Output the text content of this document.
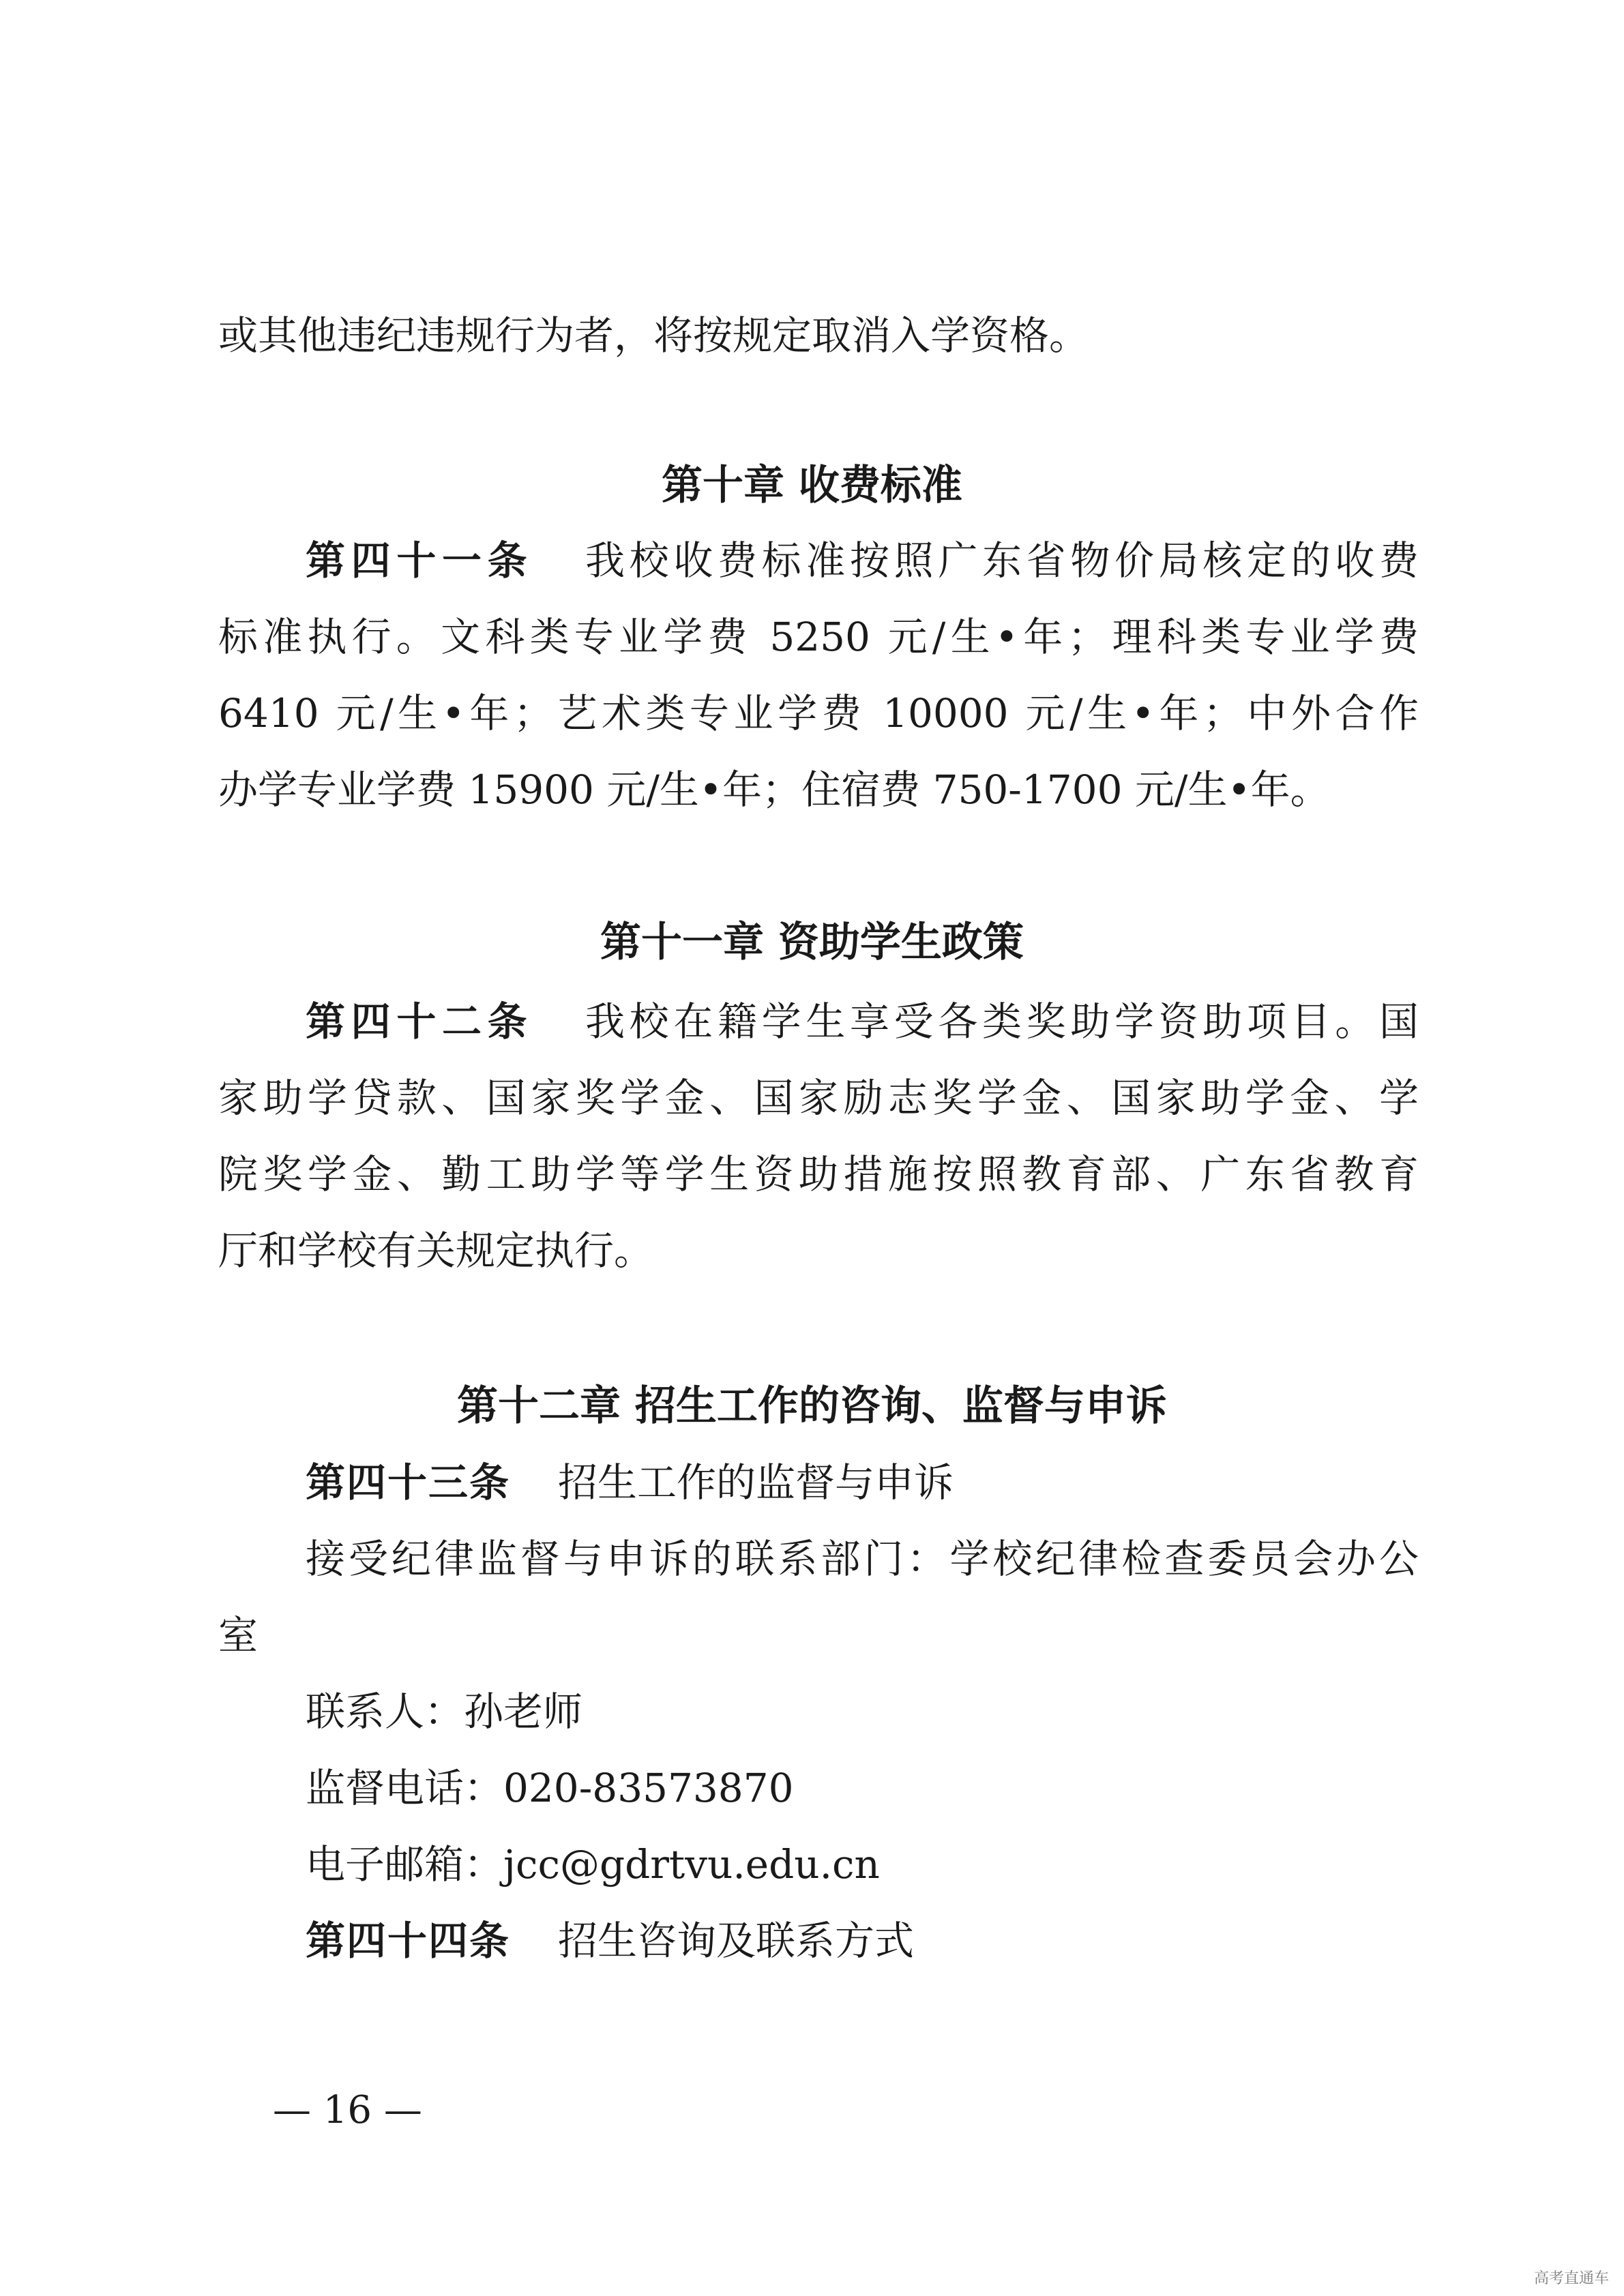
或其他违纪违规行为者，将按规定取消入学资格。
第十章 收费标准
第四十一条 我校收费标准按照广东省物价局核定的收费
标准执行。文科类专业学费 5250 元/生•年；理科类专业学费
6410 元/生•年；艺术类专业学费 10000 元/生•年；中外合作
办学专业学费 15900 元/生•年；住宿费 750-1700 元/生•年。
第十一章 资助学生政策
第四十二条 我校在籍学生享受各类奖助学资助项目。国
家助学贷款、国家奖学金、国家励志奖学金、国家助学金、学
院奖学金、勤工助学等学生资助措施按照教育部、广东省教育
厅和学校有关规定执行。
第十二章 招生工作的咨询、监督与申诉
第四十三条 招生工作的监督与申诉
接受纪律监督与申诉的联系部门：学校纪律检查委员会办公
室
联系人：孙老师
监督电话：020-83573870
电子邮箱：jcc@gdrtvu.edu.cn
第四十四条 招生咨询及联系方式
— 16 —
高考直通车
